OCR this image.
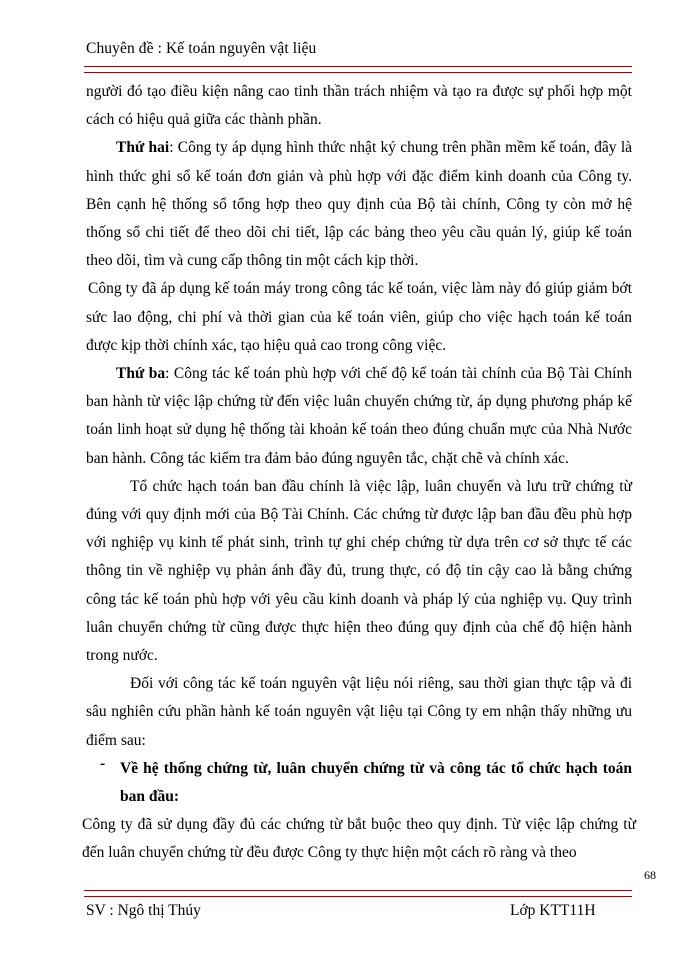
Chuyên đề : Kế toán nguyên vật liệu

người đó tạo điều kiện nâng cao tinh thần trách nhiệm và tạo ra được sự phối hợp một cách có hiệu quả giữa các thành phần.

Thứ hai: Công ty áp dụng hình thức nhật ký chung trên phần mềm kế toán, đây là hình thức ghi sổ kế toán đơn giản và phù hợp với đặc điểm kinh doanh của Công ty. Bên cạnh hệ thống sổ tổng hợp theo quy định của Bộ tài chính, Công ty còn mở hệ thống sổ chi tiết để theo dõi chi tiết, lập các bảng theo yêu cầu quản lý, giúp kế toán theo dõi, tìm và cung cấp thông tin một cách kịp thời.

Công ty đã áp dụng kế toán máy trong công tác kế toán, việc làm này đó giúp giảm bớt sức lao động, chi phí và thời gian của kế toán viên, giúp cho việc hạch toán kế toán được kịp thời chính xác, tạo hiệu quả cao trong công việc.

Thứ ba: Công tác kế toán phù hợp với chế độ kế toán tài chính của Bộ Tài Chính ban hành từ việc lập chứng từ đến việc luân chuyển chứng từ, áp dụng phương pháp kế toán linh hoạt sử dụng hệ thống tài khoản kế toán theo đúng chuẩn mực của Nhà Nước ban hành. Công tác kiểm tra đảm bảo đúng nguyên tắc, chặt chẽ và chính xác.

Tổ chức hạch toán ban đầu chính là việc lập, luân chuyển và lưu trữ chứng từ đúng với quy định mới của Bộ Tài Chính. Các chứng từ được lập ban đầu đều phù hợp với nghiệp vụ kinh tế phát sinh, trình tự ghi chép chứng từ dựa trên cơ sở thực tế các thông tin về nghiệp vụ phản ánh đầy đủ, trung thực, có độ tin cậy cao là bằng chứng công tác kế toán phù hợp với yêu cầu kinh doanh và pháp lý của nghiệp vụ. Quy trình luân chuyển chứng từ cũng được thực hiện theo đúng quy định của chế độ hiện hành trong nước.

Đối với công tác kế toán nguyên vật liệu nói riêng, sau thời gian thực tập và đi sâu nghiên cứu phần hành kế toán nguyên vật liệu tại Công ty em nhận thấy những ưu điểm sau:

- Về hệ thống chứng từ, luân chuyển chứng từ và công tác tổ chức hạch toán ban đầu:

Công ty đã sử dụng đầy đủ các chứng từ bắt buộc theo quy định. Từ việc lập chứng từ đến luân chuyển chứng từ đều được Công ty thực hiện một cách rõ ràng và theo

68
SV : Ngô thị Thúy	Lớp KTT11H
